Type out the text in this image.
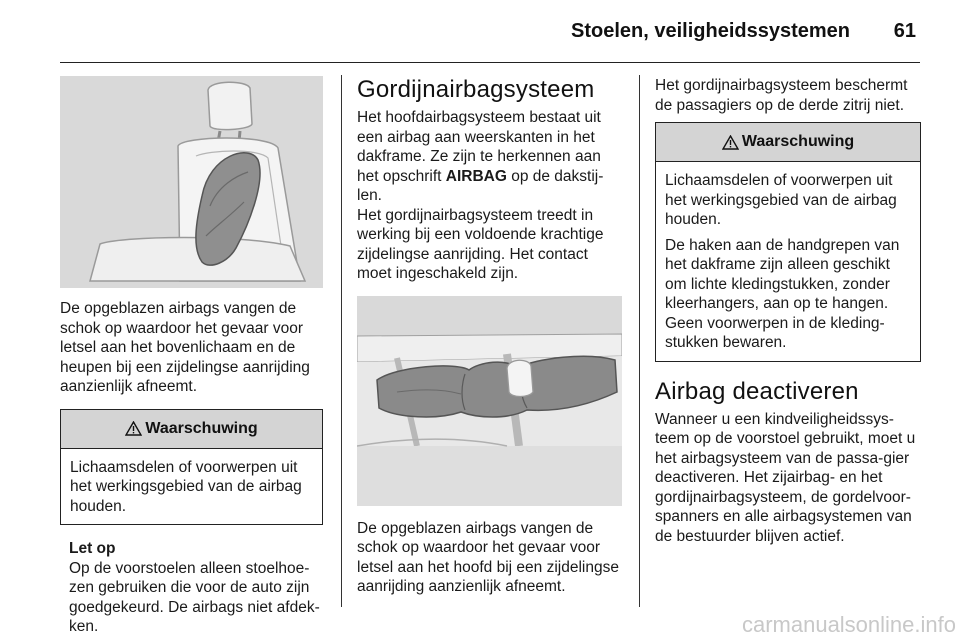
Stoelen, veiligheidssystemen 61

De opgeblazen airbags vangen de schok op waardoor het gevaar voor letsel aan het bovenlichaam en de heupen bij een zijdelingse aanrijding aanzienlijk afneemt.

Waarschuwing

Lichaamsdelen of voorwerpen uit het werkingsgebied van de airbag houden.

Let op

Op de voorstoelen alleen stoelhoe-zen gebruiken die voor de auto zijn goedgekeurd. De airbags niet afdek-ken.

Gordijnairbagsysteem

Het hoofdairbagsysteem bestaat uit een airbag aan weerskanten in het dakframe. Ze zijn te herkennen aan het opschrift AIRBAG op de dakstij-len.

Het gordijnairbagsysteem treedt in werking bij een voldoende krachtige zijdelingse aanrijding. Het contact moet ingeschakeld zijn.

De opgeblazen airbags vangen de schok op waardoor het gevaar voor letsel aan het hoofd bij een zijdelingse aanrijding aanzienlijk afneemt.

Het gordijnairbagsysteem beschermt de passagiers op de derde zitrij niet.

Waarschuwing

Lichaamsdelen of voorwerpen uit het werkingsgebied van de airbag houden.

De haken aan de handgrepen van het dakframe zijn alleen geschikt om lichte kledingstukken, zonder kleerhangers, aan op te hangen. Geen voorwerpen in de kleding-stukken bewaren.

Airbag deactiveren

Wanneer u een kindveiligheidssys-teem op de voorstoel gebruikt, moet u het airbagsysteem van de passa-gier deactiveren. Het zijairbag- en het gordijnairbagsysteem, de gordelvoor-spanners en alle airbagsystemen van de bestuurder blijven actief.

carmanualsonline.info
